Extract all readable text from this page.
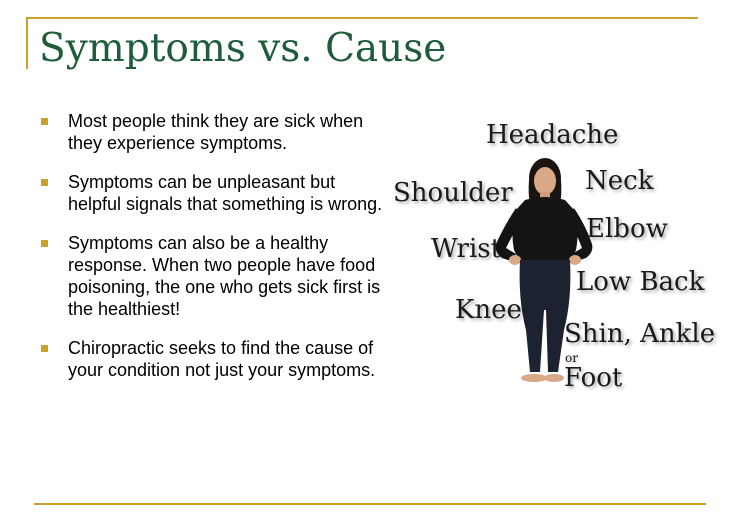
Symptoms vs. Cause
Most people think they are sick when they experience symptoms.
Symptoms can be unpleasant but helpful signals that something is wrong.
Symptoms can also be a healthy response. When two people have food poisoning, the one who gets sick first is the healthiest!
Chiropractic seeks to find the cause of your condition not just your symptoms.
Headache
Neck
Shoulder
Elbow
Wrist
Low Back
Knee
Shin, Ankle
or
Foot
